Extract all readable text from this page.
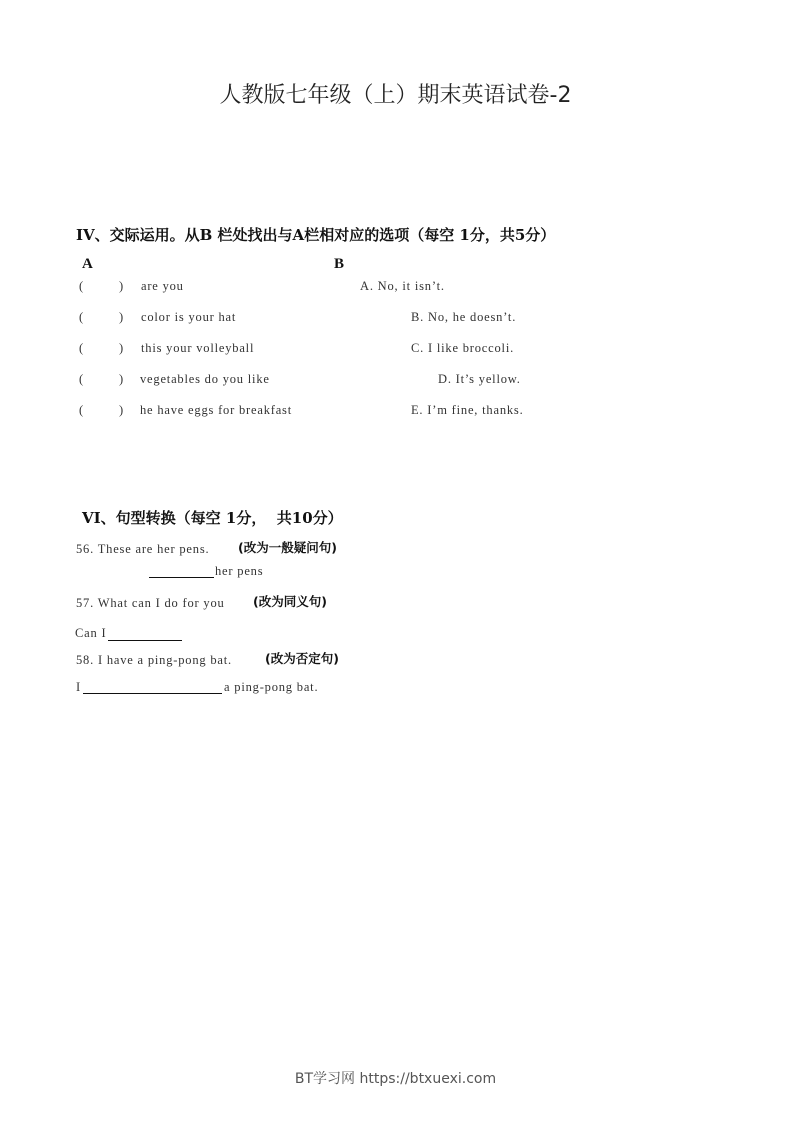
人教版七年级（上）期末英语试卷-2
IV、交际运用。从B 栏处找出与A栏相对应的选项（每空 1分，共5分）
A	B
(	) are you	A. No, it isn’t.
(	) color is your hat	B. No, he doesn’t.
(	) this your volleyball	C. I like broccoli.
(	) vegetables do you like	D. It’s yellow.
(	) he have eggs for breakfast	E. I’m fine, thanks.
VI、句型转换（每空 1分，  共10分）
56. These are her pens. (改为一般疑问句)
her pens
57. What can I do for you (改为同义句)
Can I
58. I have a ping-pong bat.	(改为否定句)
I	a ping-pong bat.
BT学习网 https://btxuexi.com
